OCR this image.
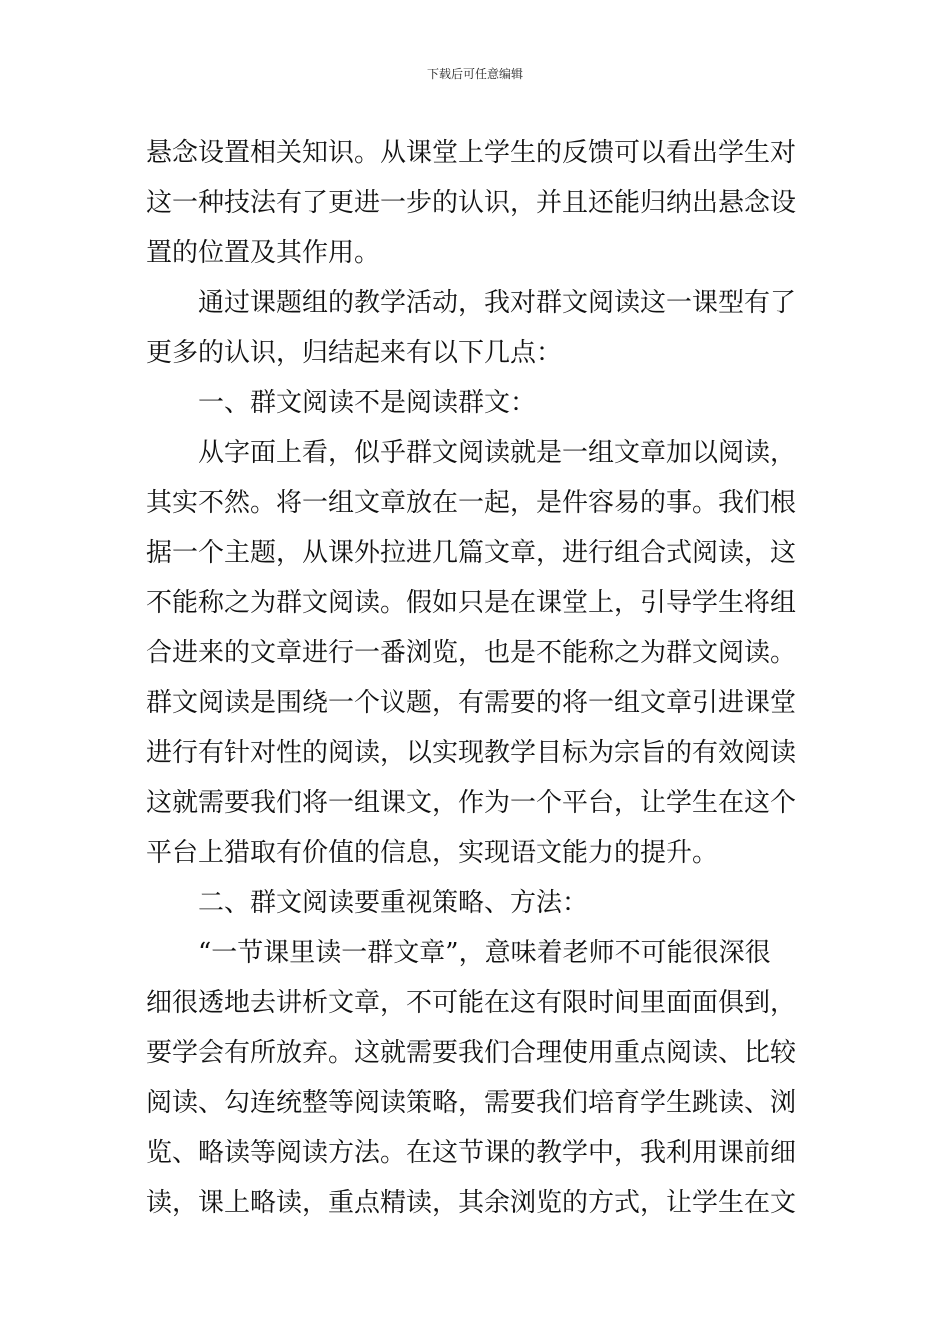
下载后可任意编辑
悬念设置相关知识。从课堂上学生的反馈可以看出学生对
这一种技法有了更进一步的认识，并且还能归纳出悬念设
置的位置及其作用。
　　通过课题组的教学活动，我对群文阅读这一课型有了
更多的认识，归结起来有以下几点：
　　一、群文阅读不是阅读群文：
　　从字面上看，似乎群文阅读就是一组文章加以阅读，
其实不然。将一组文章放在一起，是件容易的事。我们根
据一个主题，从课外拉进几篇文章，进行组合式阅读，这
不能称之为群文阅读。假如只是在课堂上，引导学生将组
合进来的文章进行一番浏览，也是不能称之为群文阅读。
群文阅读是围绕一个议题，有需要的将一组文章引进课堂
进行有针对性的阅读，以实现教学目标为宗旨的有效阅读
这就需要我们将一组课文，作为一个平台，让学生在这个
平台上猎取有价值的信息，实现语文能力的提升。
　　二、群文阅读要重视策略、方法：
　　“一节课里读一群文章”，意味着老师不可能很深很
细很透地去讲析文章，不可能在这有限时间里面面俱到，
要学会有所放弃。这就需要我们合理使用重点阅读、比较
阅读、勾连统整等阅读策略，需要我们培育学生跳读、浏
览、略读等阅读方法。在这节课的教学中，我利用课前细
读，课上略读，重点精读，其余浏览的方式，让学生在文
